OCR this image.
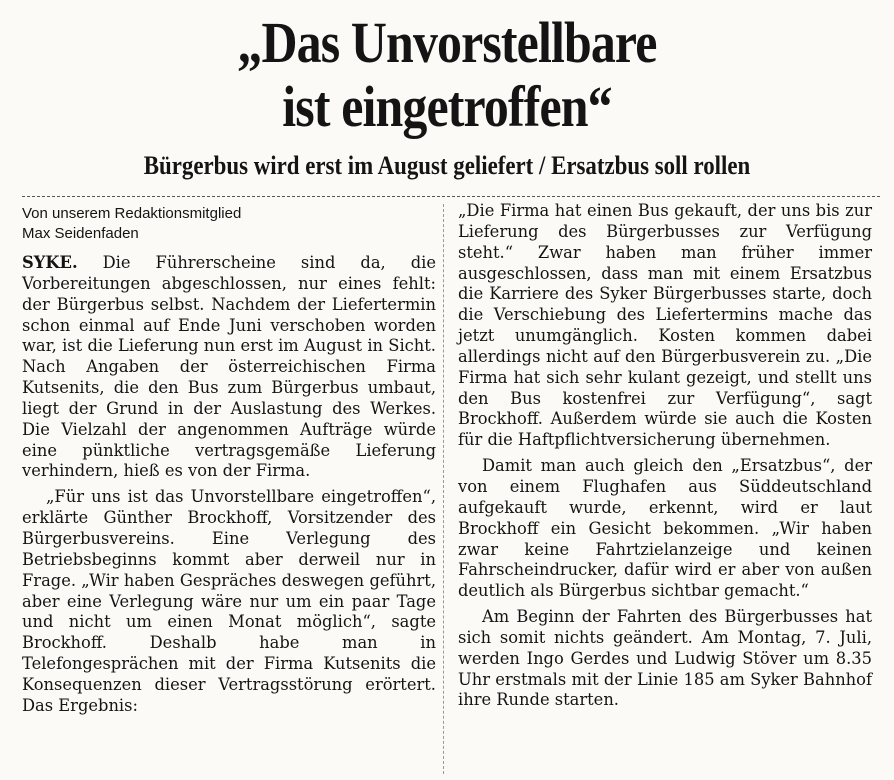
„Das Unvorstellbare
ist eingetroffen“
Bürgerbus wird erst im August geliefert / Ersatzbus soll rollen
Von unserem Redaktionsmitglied
Max Seidenfaden

SYKE. Die Führerscheine sind da, die Vorbereitungen abgeschlossen, nur eines fehlt: der Bürgerbus selbst. Nachdem der Liefertermin schon einmal auf Ende Juni verschoben worden war, ist die Lieferung nun erst im August in Sicht. Nach Angaben der österreichischen Firma Kutsenits, die den Bus zum Bürgerbus umbaut, liegt der Grund in der Auslastung des Werkes. Die Vielzahl der angenommen Aufträge würde eine pünktliche vertragsgemäße Lieferung verhindern, hieß es von der Firma.

„Für uns ist das Unvorstellbare eingetroffen“, erklärte Günther Brockhoff, Vorsitzender des Bürgerbusvereins. Eine Verlegung des Betriebsbeginns kommt aber derweil nur in Frage. „Wir haben Gespräches deswegen geführt, aber eine Verlegung wäre nur um ein paar Tage und nicht um einen Monat möglich“, sagte Brockhoff. Deshalb habe man in Telefongesprächen mit der Firma Kutsenits die Konsequenzen dieser Vertragsstörung erörtert. Das Ergebnis:

„Die Firma hat einen Bus gekauft, der uns bis zur Lieferung des Bürgerbusses zur Verfügung steht.“ Zwar haben man früher immer ausgeschlossen, dass man mit einem Ersatzbus die Karriere des Syker Bürgerbusses starte, doch die Verschiebung des Liefertermins mache das jetzt unumgänglich. Kosten kommen dabei allerdings nicht auf den Bürgerbusverein zu. „Die Firma hat sich sehr kulant gezeigt, und stellt uns den Bus kostenfrei zur Verfügung“, sagt Brockhoff. Außerdem würde sie auch die Kosten für die Haftpflichtversicherung übernehmen.

Damit man auch gleich den „Ersatzbus“, der von einem Flughafen aus Süddeutschland aufgekauft wurde, erkennt, wird er laut Brockhoff ein Gesicht bekommen. „Wir haben zwar keine Fahrtzielanzeige und keinen Fahrscheindrucker, dafür wird er aber von außen deutlich als Bürgerbus sichtbar gemacht.“

Am Beginn der Fahrten des Bürgerbusses hat sich somit nichts geändert. Am Montag, 7. Juli, werden Ingo Gerdes und Ludwig Stöver um 8.35 Uhr erstmals mit der Linie 185 am Syker Bahnhof ihre Runde starten.
